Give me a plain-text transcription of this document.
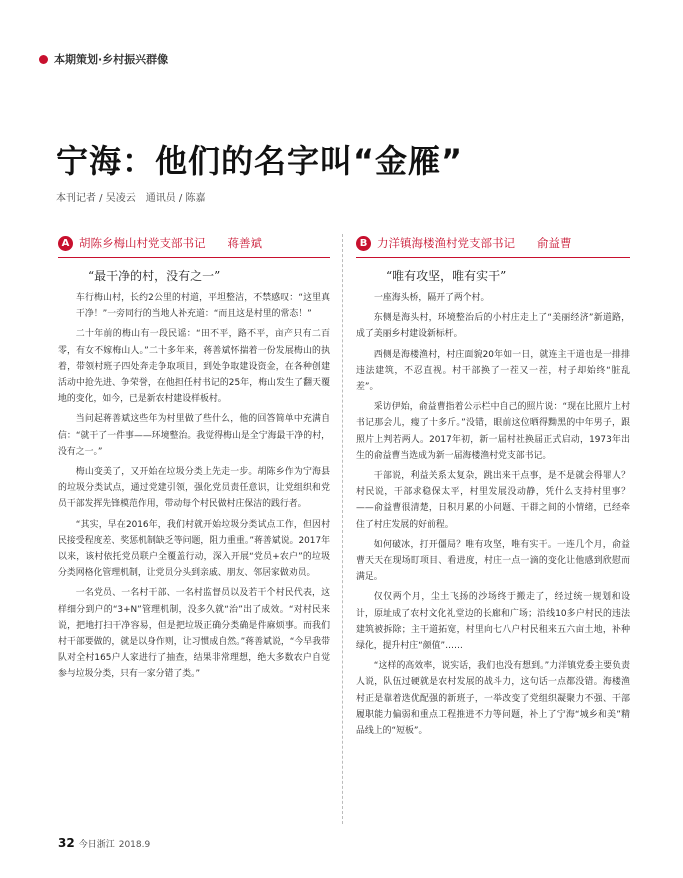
本期策划·乡村振兴群像
宁海：他们的名字叫“金雁”
本刊记者 / 吴凌云　通讯员 / 陈嘉
A 胡陈乡梅山村党支部书记 蒋善斌
“最干净的村，没有之一”

车行梅山村，长约2公里的村道，平坦整洁，不禁感叹：“这里真干净！”一旁同行的当地人补充道：“而且这是村里的常态！”

二十年前的梅山有一段民谣：“田不平，路不平，亩产只有二百零，有女不嫁梅山人。”二十多年来，蒋善斌怀揣着一份发展梅山的执着，带领村班子四处奔走争取项目，到处争取建设资金，在各种创建活动中抢先进、争荣誉，在他担任村书记的25年，梅山发生了翻天覆地的变化，如今，已是新农村建设样板村。

当问起蒋善斌这些年为村里做了些什么，他的回答简单中充满自信：“就干了一件事——环境整治。我觉得梅山是全宁海最干净的村，没有之一。”

梅山变美了，又开始在垃圾分类上先走一步。胡陈乡作为宁海县的垃圾分类试点，通过党建引领，强化党员责任意识，让党组织和党员干部发挥先锋模范作用，带动每个村民做村庄保洁的践行者。

“其实，早在2016年，我们村就开始垃圾分类试点工作，但因村民接受程度差、奖惩机制缺乏等问题，阻力重重。”蒋善斌说。2017年以来，该村依托党员联户全覆盖行动，深入开展“党员+农户”的垃圾分类网格化管理机制，让党员分头到亲戚、朋友、邻居家做劝员。

一名党员、一名村干部、一名村监督员以及若干个村民代表，这样细分到户的“3+N”管理机制，没多久就“治”出了成效。“对村民来说，把地打扫干净容易，但是把垃圾正确分类确是件麻烦事。而我们村干部要做的，就是以身作则，让习惯成自然。”蒋善斌说，“今早我带队对全村165户人家进行了抽查，结果非常理想，绝大多数农户自觉参与垃圾分类，只有一家分错了类。”

B 力洋镇海楼渔村党支部书记 俞益曹
“唯有攻坚，唯有实干”

一座海头桥，隔开了两个村。

东侧是海头村，环境整治后的小村庄走上了“美丽经济”新道路，成了美丽乡村建设新标杆。

西侧是海楼渔村，村庄面貌20年如一日，就连主干道也是一排排违法建筑，不忍直视。村干部换了一茬又一茬，村子却始终“脏乱差”。

采访伊始，俞益曹指着公示栏中自己的照片说：“现在比照片上村书记那会儿，瘦了十多斤。”没错，眼前这位晒得黝黑的中年男子，跟照片上判若两人。2017年初，新一届村社换届正式启动，1973年出生的俞益曹当选成为新一届海楼渔村党支部书记。

干部说，利益关系太复杂，跳出来干点事，是不是就会得罪人？村民说，干部求稳保太平，村里发展没动静，凭什么支持村里事？——俞益曹很清楚，日积月累的小问题、干群之间的小情绪，已经牵住了村庄发展的好前程。

如何破冰，打开僵局？唯有攻坚，唯有实干。一连几个月，俞益曹天天在现场盯项目、看进度，村庄一点一滴的变化让他感到欣慰而满足。

仅仅两个月，尘土飞扬的沙场终于搬走了，经过统一规划和设计，原址成了农村文化礼堂边的长廊和广场；沿线10多户村民的违法建筑被拆除；主干道拓宽，村里向七八户村民租来五六亩土地，补种绿化，提升村庄“颜值”……

“这样的高效率，说实话，我们也没有想到。”力洋镇党委主要负责人说，队伍过硬就是农村发展的战斗力，这句话一点都没错。海楼渔村正是靠着选优配强的新班子，一举改变了党组织凝聚力不强、干部履职能力偏弱和重点工程推进不力等问题，补上了宁海“城乡和美”精品线上的“短板”。

32 今日浙江 2018.9
